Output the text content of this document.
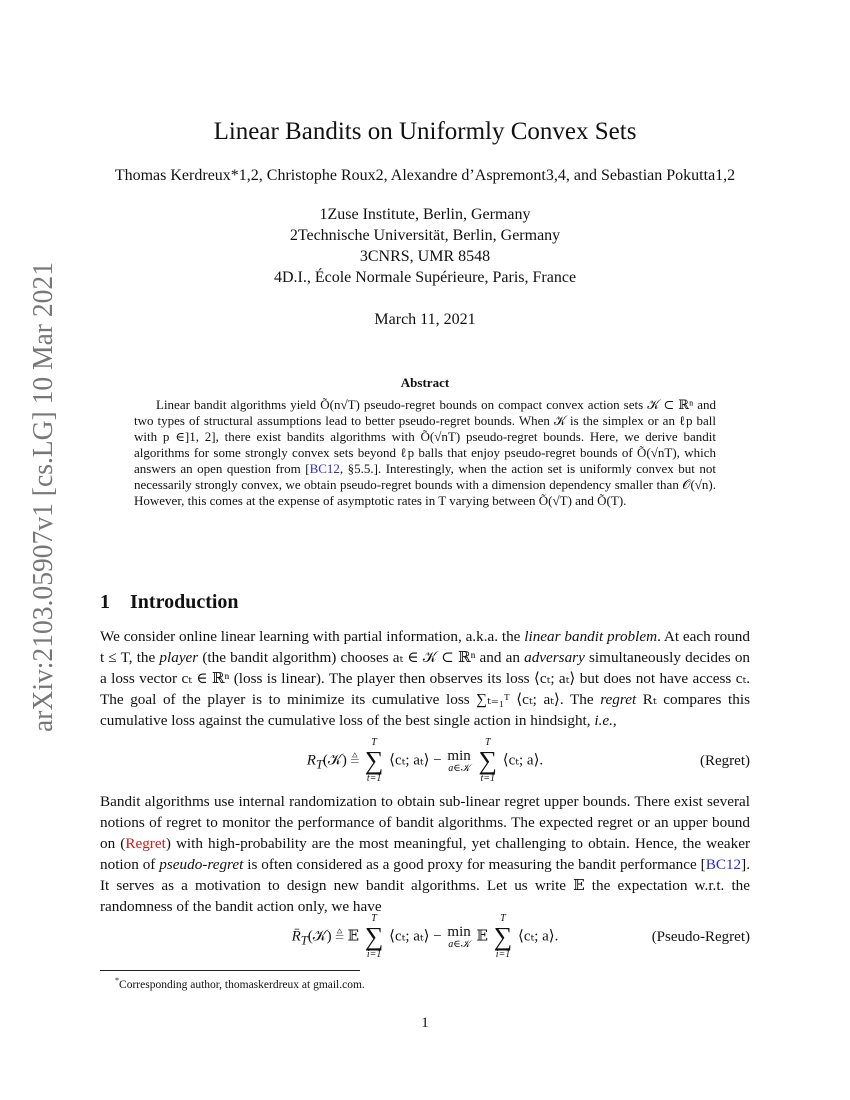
arXiv:2103.05907v1 [cs.LG] 10 Mar 2021
Linear Bandits on Uniformly Convex Sets
Thomas Kerdreux*1,2, Christophe Roux2, Alexandre d’Aspremont3,4, and Sebastian Pokutta1,2
1Zuse Institute, Berlin, Germany
2Technische Universität, Berlin, Germany
3CNRS, UMR 8548
4D.I., École Normale Supérieure, Paris, France
March 11, 2021
Abstract
Linear bandit algorithms yield Õ(n√T) pseudo-regret bounds on compact convex action sets 𝒦 ⊂ ℝⁿ and two types of structural assumptions lead to better pseudo-regret bounds. When 𝒦 is the simplex or an ℓp ball with p ∈]1, 2], there exist bandits algorithms with Õ(√nT) pseudo-regret bounds. Here, we derive bandit algorithms for some strongly convex sets beyond ℓp balls that enjoy pseudo-regret bounds of Õ(√nT), which answers an open question from [BC12, §5.5.]. Interestingly, when the action set is uniformly convex but not necessarily strongly convex, we obtain pseudo-regret bounds with a dimension dependency smaller than 𝒪(√n). However, this comes at the expense of asymptotic rates in T varying between Õ(√T) and Õ(T).
1 Introduction
We consider online linear learning with partial information, a.k.a. the linear bandit problem. At each round t ≤ T, the player (the bandit algorithm) chooses aₜ ∈ 𝒦 ⊂ ℝⁿ and an adversary simultaneously decides on a loss vector cₜ ∈ ℝⁿ (loss is linear). The player then observes its loss ⟨cₜ; aₜ⟩ but does not have access cₜ. The goal of the player is to minimize its cumulative loss ∑ₜ₌₁ᵀ ⟨cₜ; aₜ⟩. The regret Rₜ compares this cumulative loss against the cumulative loss of the best single action in hindsight, i.e.,
$R_T(𝒦)$ ≜
T
∑
t=1
⟨cₜ; aₜ⟩ − min
a∈𝒦

T
∑
t=1
⟨cₜ; a⟩.	(Regret)
Bandit algorithms use internal randomization to obtain sub-linear regret upper bounds. There exist several notions of regret to monitor the performance of bandit algorithms. The expected regret or an upper bound on (Regret) with high-probability are the most meaningful, yet challenging to obtain. Hence, the weaker notion of pseudo-regret is often considered as a good proxy for measuring the bandit performance [BC12]. It serves as a motivation to design new bandit algorithms. Let us write 𝔼 the expectation w.r.t. the randomness of the bandit action only, we have
$R̄_T(𝒦)$ ≜ 𝔼
T
∑
i=1
⟨cₜ; aₜ⟩ − min
a∈𝒦 𝔼
T
∑
i=1
⟨cₜ; a⟩.	(Pseudo-Regret)
*Corresponding author, thomaskerdreux at gmail.com.
1
